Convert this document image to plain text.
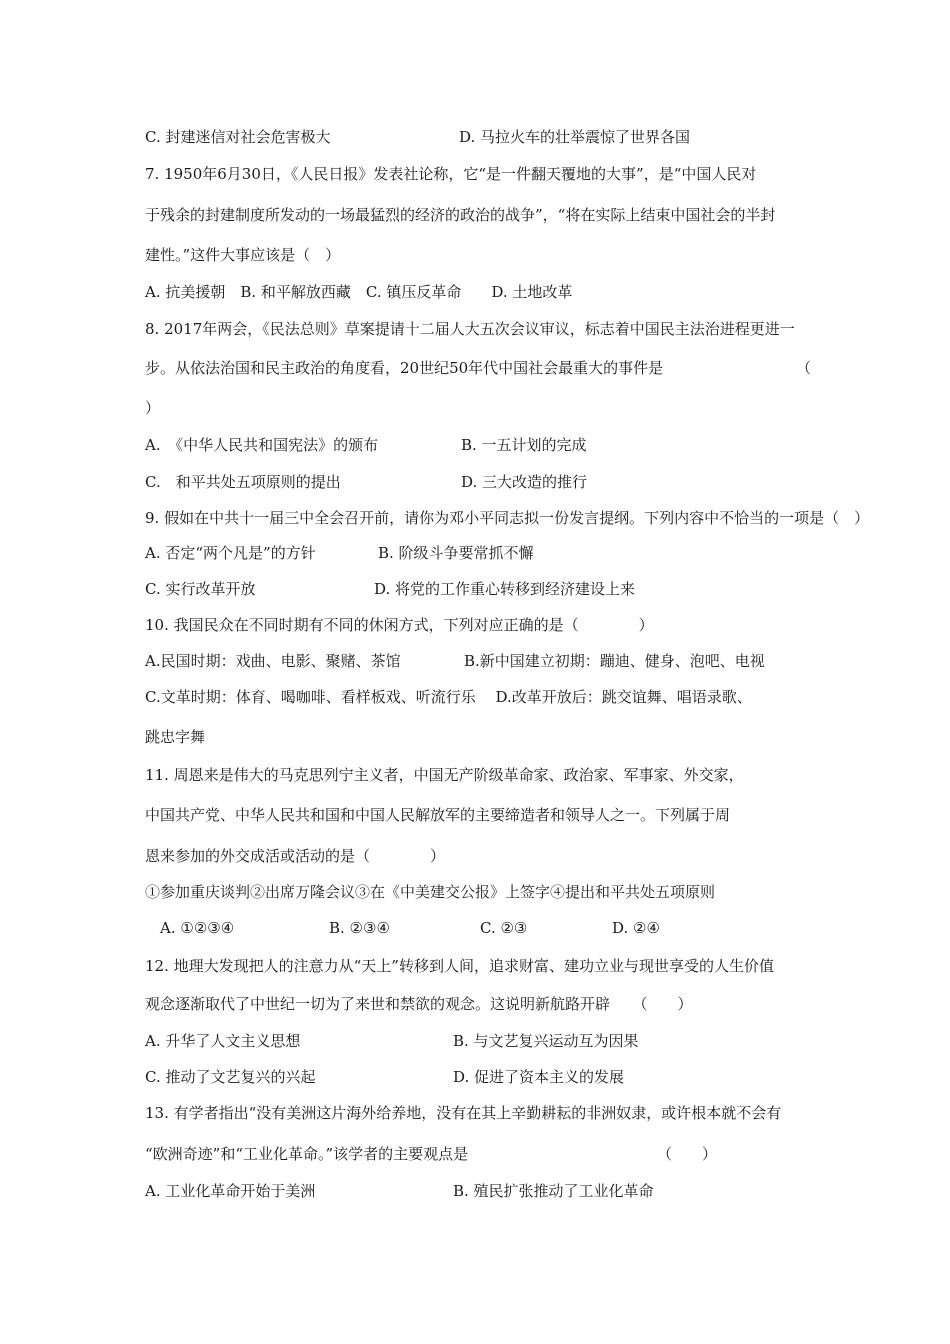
C. 封建迷信对社会危害极大	D. 马拉火车的壮举震惊了世界各国
7. 1950年6月30日，《人民日报》发表社论称，它“是一件翻天覆地的大事”，是“中国人民对
于残余的封建制度所发动的一场最猛烈的经济的政治的战争”，“将在实际上结束中国社会的半封
建性。”这件大事应该是（　）
A. 抗美援朝　B. 和平解放西藏　C. 镇压反革命　　D. 土地改革
8. 2017年两会，《民法总则》草案提请十二届人大五次会议审议，标志着中国民主法治进程更进一
步。从依法治国和民主政治的角度看，20世纪50年代中国社会最重大的事件是	（
）
A.　《中华人民共和国宪法》的颁布	B. 一五计划的完成
C.　和平共处五项原则的提出	D. 三大改造的推行
9. 假如在中共十一届三中全会召开前，请你为邓小平同志拟一份发言提纲。下列内容中不恰当的一项是（　）
A. 否定“两个凡是”的方针	B. 阶级斗争要常抓不懈
C. 实行改革开放	D. 将党的工作重心转移到经济建设上来
10. 我国民众在不同时期有不同的休闲方式，下列对应正确的是（　　　　）
A.民国时期：戏曲、电影、聚赌、茶馆	B.新中国建立初期：蹦迪、健身、泡吧、电视
C.文革时期：体育、喝咖啡、看样板戏、听流行乐　 D.改革开放后：跳交谊舞、唱语录歌、
跳忠字舞
11. 周恩来是伟大的马克思列宁主义者，中国无产阶级革命家、政治家、军事家、外交家，
中国共产党、中华人民共和国和中国人民解放军的主要缔造者和领导人之一。下列属于周
恩来参加的外交成活或活动的是（　　　　）
①参加重庆谈判②出席万隆会议③在《中美建交公报》上签字④提出和平共处五项原则
A. ①②③④	B. ②③④	C. ②③	D. ②④
12. 地理大发现把人的注意力从“天上”转移到人间，追求财富、建功立业与现世享受的人生价值
观念逐渐取代了中世纪一切为了来世和禁欲的观念。这说明新航路开辟　　（　　）
A. 升华了人文主义思想	B. 与文艺复兴运动互为因果
C. 推动了文艺复兴的兴起	D. 促进了资本主义的发展
13. 有学者指出“没有美洲这片海外给养地，没有在其上辛勤耕耘的非洲奴隶，或许根本就不会有
“欧洲奇迹”和“工业化革命。”该学者的主要观点是	（　　）
A. 工业化革命开始于美洲	B. 殖民扩张推动了工业化革命
